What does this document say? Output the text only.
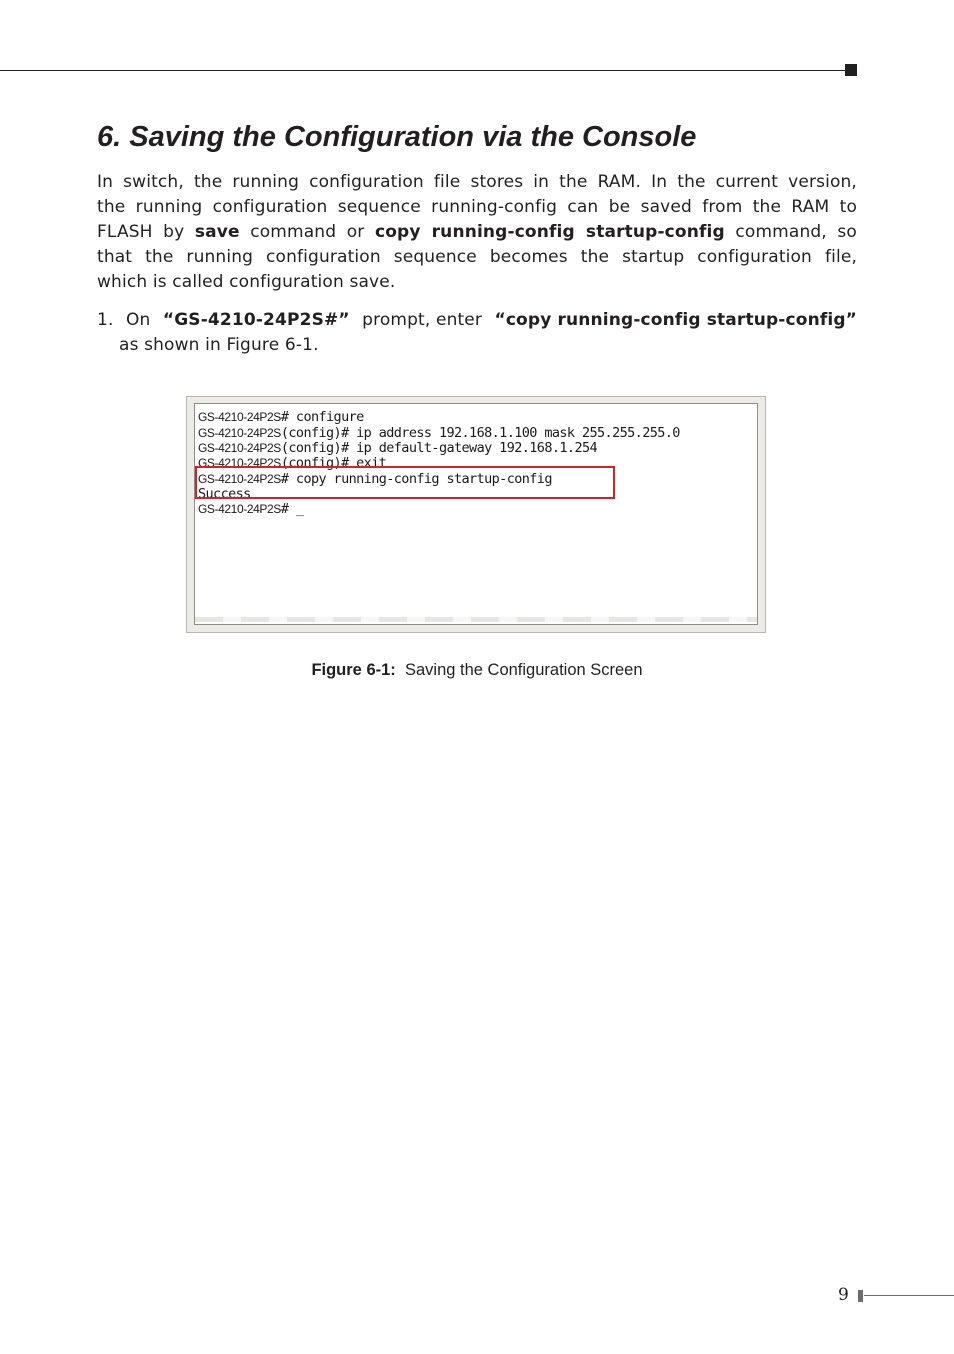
6. Saving the Configuration via the Console
In switch, the running configuration file stores in the RAM. In the current version,
the running configuration sequence running-config can be saved from the RAM to
FLASH by save command or copy running-config startup-config command, so
that the running configuration sequence becomes the startup configuration file,
which is called configuration save.
1. On “GS-4210-24P2S#” prompt, enter “copy running-config startup-config”
as shown in Figure 6-1.
GS-4210-24P2S# configure
GS-4210-24P2S(config)# ip address 192.168.1.100 mask 255.255.255.0
GS-4210-24P2S(config)# ip default-gateway 192.168.1.254
GS-4210-24P2S(config)# exit
GS-4210-24P2S# copy running-config startup-config
Success
GS-4210-24P2S# _
Figure 6-1: Saving the Configuration Screen
9
